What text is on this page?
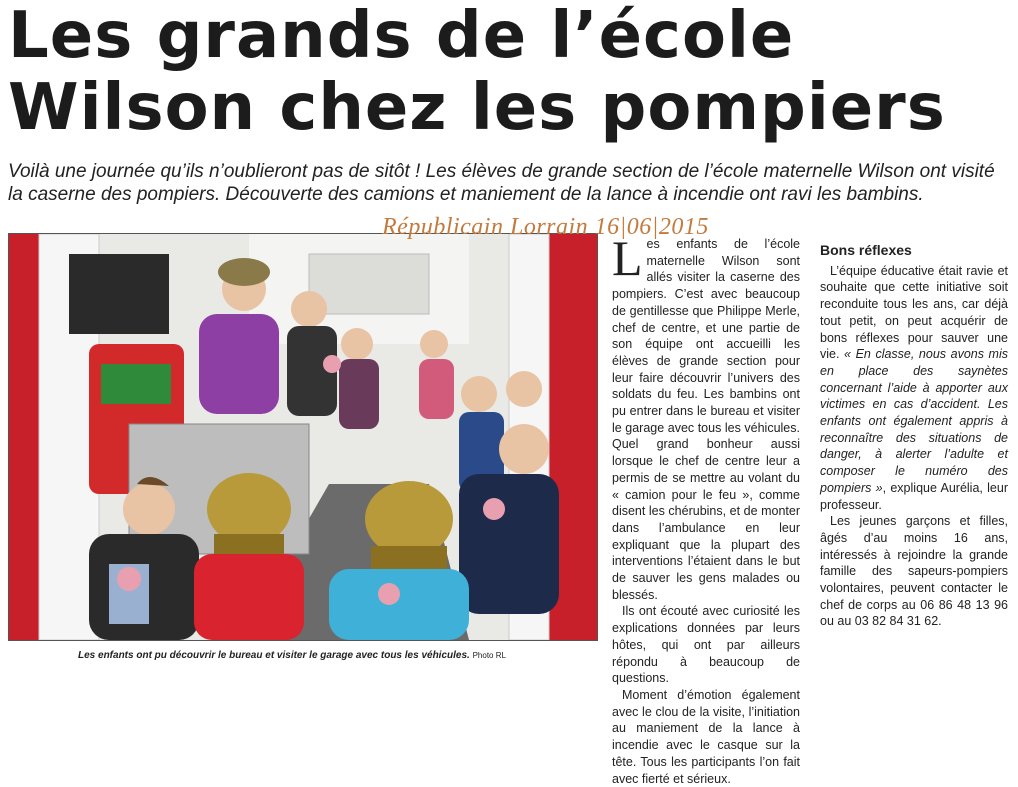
Les grands de l’école
Wilson chez les pompiers

Voilà une journée qu’ils n’oublieront pas de sitôt ! Les élèves de grande section de l’école maternelle Wilson ont visité la caserne des pompiers. Découverte des camions et maniement de la lance à incendie ont ravi les bambins.

Républicain Lorrain 16|06|2015

Les enfants ont pu découvrir le bureau et visiter le garage avec tous les véhicules. Photo RL

Les enfants de l’école maternelle Wilson sont allés visiter la caserne des pompiers. C’est avec beaucoup de gentillesse que Philippe Merle, chef de centre, et une partie de son équipe ont accueilli les élèves de grande section pour leur faire découvrir l’univers des soldats du feu. Les bambins ont pu entrer dans le bureau et visiter le garage avec tous les véhicules. Quel grand bonheur aussi lorsque le chef de centre leur a permis de se mettre au volant du « camion pour le feu », comme disent les chérubins, et de monter dans l’ambulance en leur expliquant que la plupart des interventions l’étaient dans le but de sauver les gens malades ou blessés.

Ils ont écouté avec curiosité les explications données par leurs hôtes, qui ont par ailleurs répondu à beaucoup de questions.

Moment d’émotion également avec le clou de la visite, l’initiation au maniement de la lance à incendie avec le casque sur la tête. Tous les participants l’on fait avec fierté et sérieux.

Bons réflexes

L’équipe éducative était ravie et souhaite que cette initiative soit reconduite tous les ans, car déjà tout petit, on peut acquérir de bons réflexes pour sauver une vie. « En classe, nous avons mis en place des saynètes concernant l’aide à apporter aux victimes en cas d’accident. Les enfants ont également appris à reconnaître des situations de danger, à alerter l’adulte et composer le numéro des pompiers », explique Aurélia, leur professeur.

Les jeunes garçons et filles, âgés d’au moins 16 ans, intéressés à rejoindre la grande famille des sapeurs-pompiers volontaires, peuvent contacter le chef de corps au 06 86 48 13 96 ou au 03 82 84 31 62.
